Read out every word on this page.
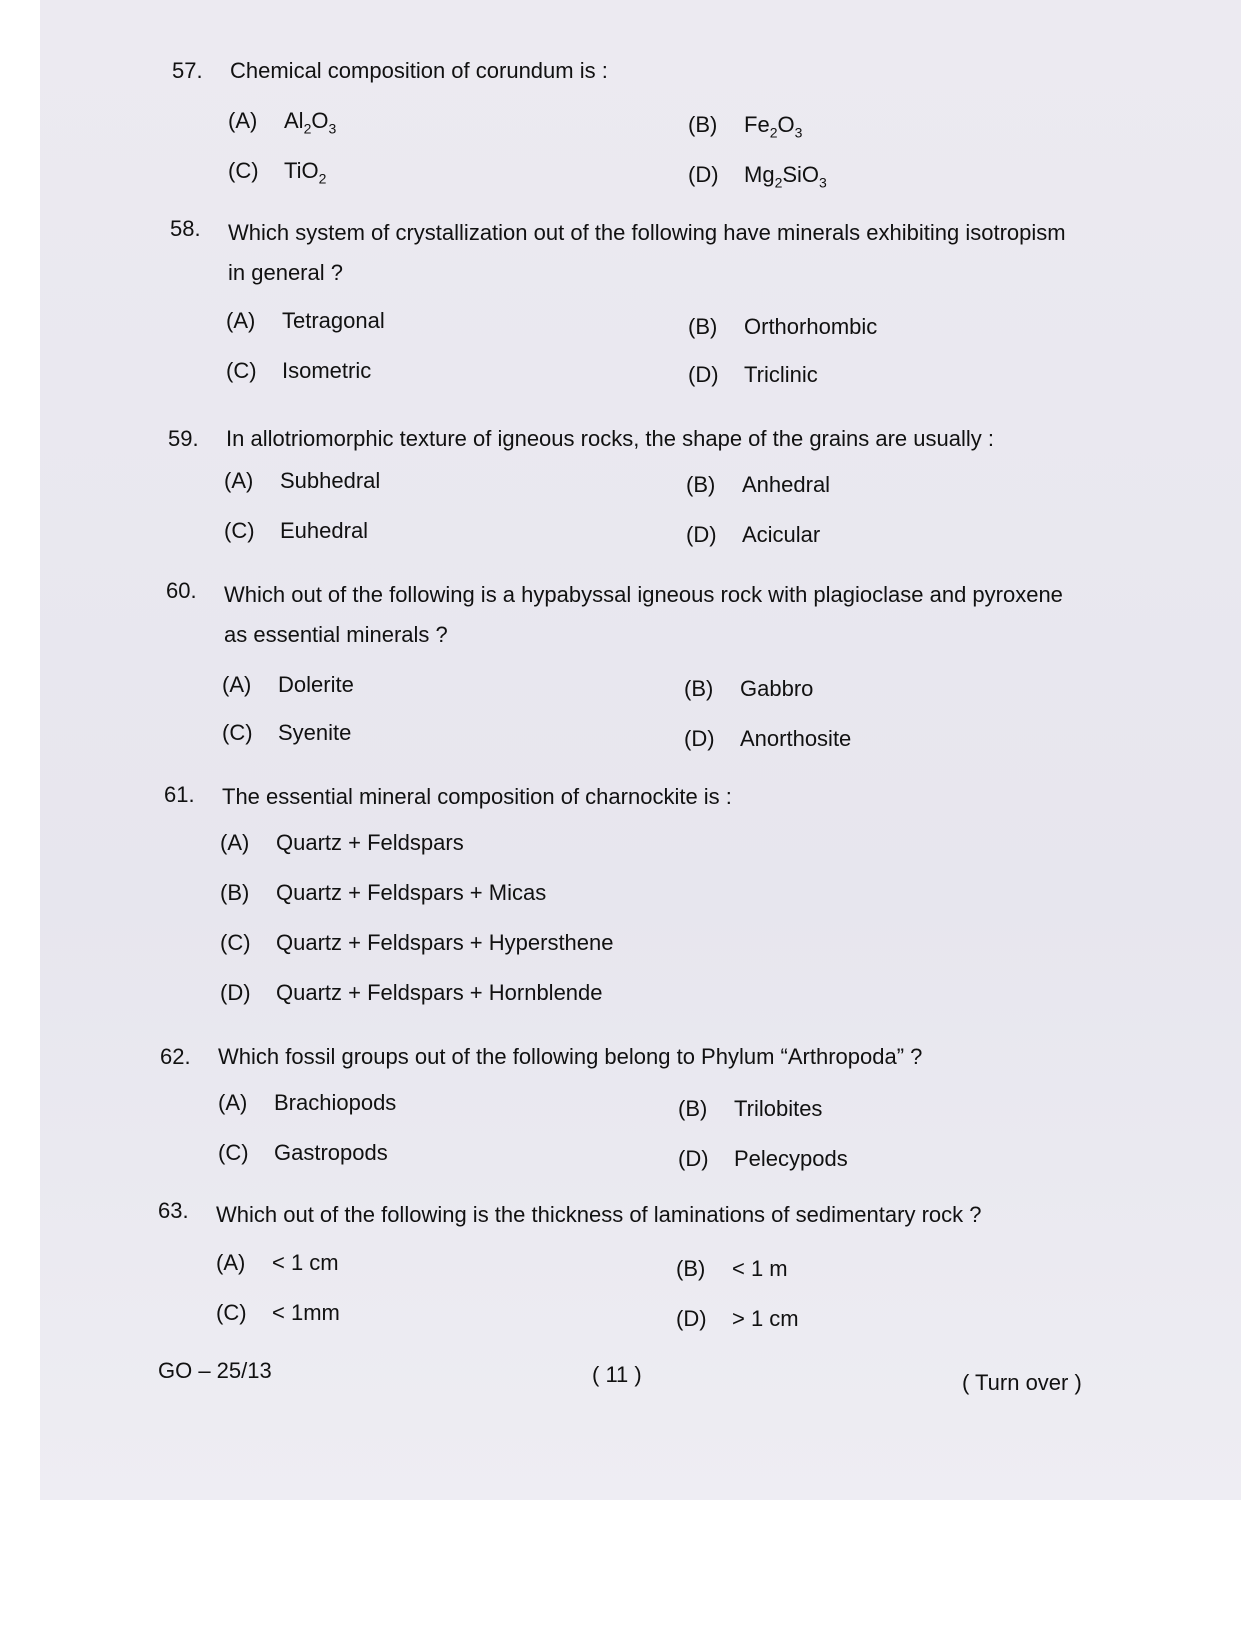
57. Chemical composition of corundum is :
(A) $Al_2O_3$	(B) $Fe_2O_3$
(C) TiO$_2$	(D) $Mg_2SiO_3$
58. Which system of crystallization out of the following have minerals exhibiting isotropism
in general ?
(A) Tetragonal	(B) Orthorhombic
(C) Isometric	(D) Triclinic
59. In allotriomorphic texture of igneous rocks, the shape of the grains are usually :
(A) Subhedral	(B) Anhedral
(C) Euhedral	(D) Acicular
60. Which out of the following is a hypabyssal igneous rock with plagioclase and pyroxene
as essential minerals ?
(A) Dolerite	(B) Gabbro
(C) Syenite	(D) Anorthosite
61. The essential mineral composition of charnockite is :
(A) Quartz + Feldspars
(B) Quartz + Feldspars + Micas
(C) Quartz + Feldspars + Hypersthene
(D) Quartz + Feldspars + Hornblende
62. Which fossil groups out of the following belong to Phylum “Arthropoda” ?
(A) Brachiopods	(B) Trilobites
(C) Gastropods	(D) Pelecypods
63. Which out of the following is the thickness of laminations of sedimentary rock ?
(A) < 1 cm	(B) < 1 m
(C) < 1mm	(D) > 1 cm
GO – 25/13	( 11 )	( Turn over )
